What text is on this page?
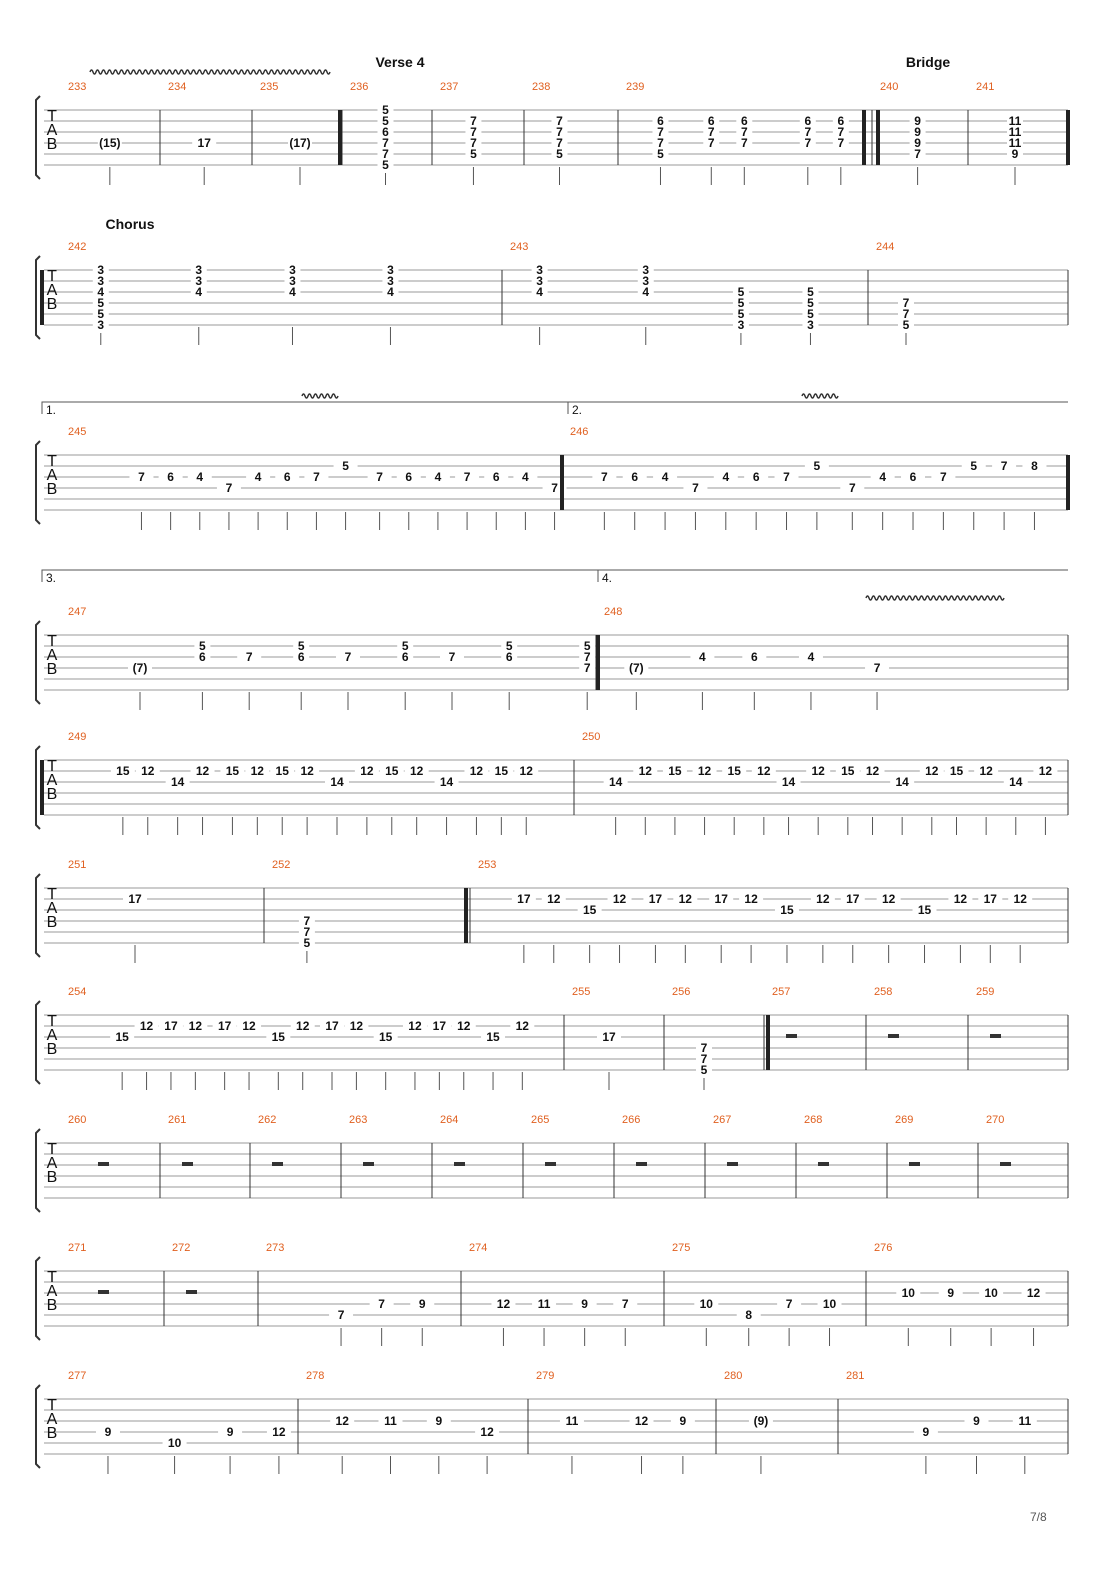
T
A
B
233	234	235	236	237	238	239	240	241
(15)	17	(17)
5
5
6
7
7
5
7
7
7
5
7
7
7
5
6
7
7
5
6
7
7
6
7
7
6
7
7
6
7
7
9
9
9
7
11
11
11
9
T
A
B
242	243	244
3
3
4
5
5
3
3
3
4
3
3
4
3
3
4
3
3
4
3
3
4	5
5
5
3
5
5
5
3
7
7
5
T
A
B
245	246
7 6 4
7
4 6 7
5
7 6 4 7 6 4
7
7 6 4
7
4 6 7
5
7
4 6 7
5 7 8
T
A
B
247	248
(7)
5
6	7
5
6	7
5
6	7
5
6
5
7
7	(7)
4	6	4
7
T
A
B
249	250
15 12
14
12 15 12 15 12
14
12 15 12
14
12 15 12
14
12 15 12 15 12
14
12 15 12
14
12 15 12
14
12
T
A
B
251	252	253
17
7
7
5
17 12
15
12 17 12 17 12
15
12 17 12
15
12 17 12
T
A
B
254	255	256	257	258	259
15
12 17 12 17 12
15
12 17 12
15
12 17 12
15
12
17
7
7
5
T
A
B
260	261	262	263	264	265	266	267	268	269	270
T
A
B
271	272	273	274	275	276
7
7	9	12 11	9	7	10
8
7	10
10	9	10 12
T
A
B
277	278	279	280	281
9
10
9	12
12	11	9
12
11	12	9	(9)
9
9	11
Verse 4	Bridge
Chorus
1.	2.
3.	4.
7/8
